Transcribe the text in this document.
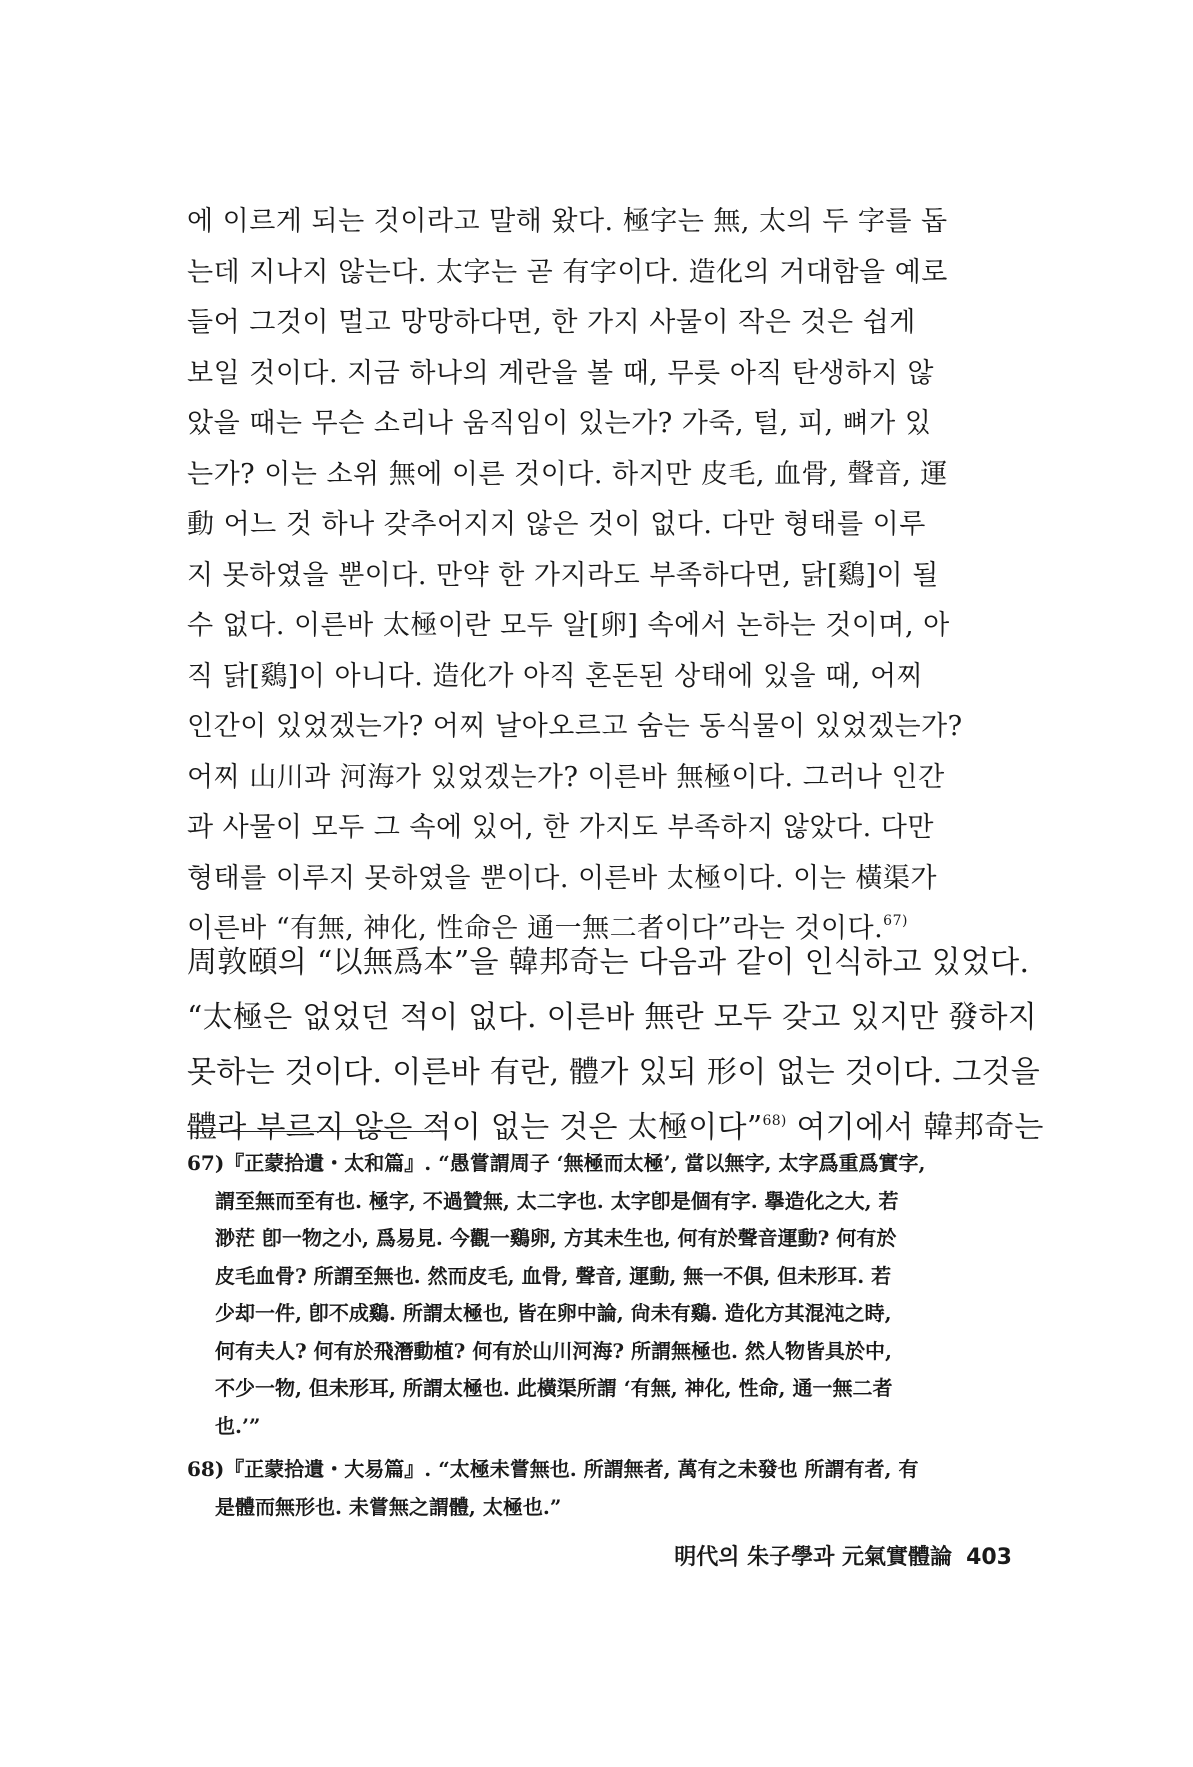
에 이르게 되는 것이라고 말해 왔다. 極字는 無, 太의 두 字를 돕
는데 지나지 않는다. 太字는 곧 有字이다. 造化의 거대함을 예로
들어 그것이 멀고 망망하다면, 한 가지 사물이 작은 것은 쉽게
보일 것이다. 지금 하나의 계란을 볼 때, 무릇 아직 탄생하지 않
았을 때는 무슨 소리나 움직임이 있는가? 가죽, 털, 피, 뼈가 있
는가? 이는 소위 無에 이른 것이다. 하지만 皮毛, 血骨, 聲音, 運
動 어느 것 하나 갖추어지지 않은 것이 없다. 다만 형태를 이루
지 못하였을 뿐이다. 만약 한 가지라도 부족하다면, 닭[鷄]이 될
수 없다. 이른바 太極이란 모두 알[卵] 속에서 논하는 것이며, 아
직 닭[鷄]이 아니다. 造化가 아직 혼돈된 상태에 있을 때, 어찌
인간이 있었겠는가? 어찌 날아오르고 숨는 동식물이 있었겠는가?
어찌 山川과 河海가 있었겠는가? 이른바 無極이다. 그러나 인간
과 사물이 모두 그 속에 있어, 한 가지도 부족하지 않았다. 다만
형태를 이루지 못하였을 뿐이다. 이른바 太極이다. 이는 橫渠가
이른바 “有無, 神化, 性命은 通一無二者이다”라는 것이다.$^{67)}$
周敦頤의 “以無爲本”을 韓邦奇는 다음과 같이 인식하고 있었다.
“太極은 없었던 적이 없다. 이른바 無란 모두 갖고 있지만 發하지
못하는 것이다. 이른바 有란, 體가 있되 形이 없는 것이다. 그것을
體라 부르지 않은 적이 없는 것은 太極이다”$^{68)}$ 여기에서 韓邦奇는
67)『正蒙拾遺・太和篇』. “愚嘗謂周子 ‘無極而太極’, 當以無字, 太字爲重爲實字,
謂至無而至有也. 極字, 不過贊無, 太二字也. 太字卽是個有字. 擧造化之大, 若
渺茫 卽一物之小, 爲易見. 今觀一鷄卵, 方其未生也, 何有於聲音運動? 何有於
皮毛血骨? 所謂至無也. 然而皮毛, 血骨, 聲音, 運動, 無一不俱, 但未形耳. 若
少却一件, 卽不成鷄. 所謂太極也, 皆在卵中論, 尙未有鷄. 造化方其混沌之時,
何有夫人? 何有於飛潛動植? 何有於山川河海? 所謂無極也. 然人物皆具於中,
不少一物, 但未形耳, 所謂太極也. 此橫渠所謂 ‘有無, 神化, 性命, 通一無二者
也.’”
68)『正蒙拾遺・大易篇』. “太極未嘗無也. 所謂無者, 萬有之未發也 所謂有者, 有
是體而無形也. 未嘗無之謂體, 太極也.”
明代의 朱子學과 元氣實體論 403
